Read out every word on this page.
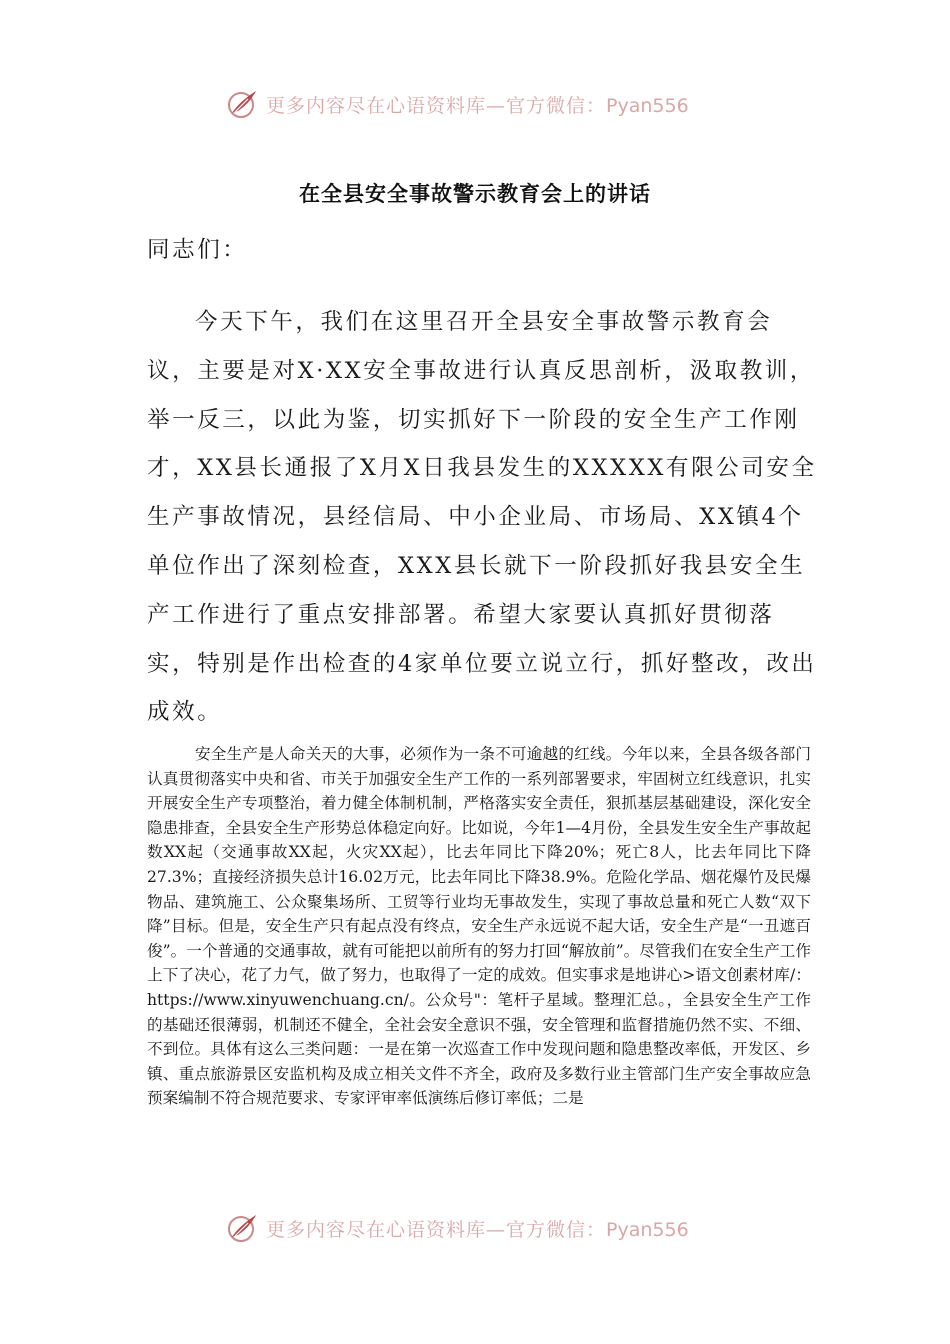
更多内容尽在心语资料库—官方微信：Pyan556
在全县安全事故警示教育会上的讲话
同志们：
今天下午，我们在这里召开全县安全事故警示教育会议，主要是对X·XX安全事故进行认真反思剖析，汲取教训，举一反三，以此为鉴，切实抓好下一阶段的安全生产工作刚才，XX县长通报了X月X日我县发生的XXXXX有限公司安全生产事故情况，县经信局、中小企业局、市场局、XX镇4个单位作出了深刻检查，XXX县长就下一阶段抓好我县安全生产工作进行了重点安排部署。希望大家要认真抓好贯彻落实，特别是作出检查的4家单位要立说立行，抓好整改，改出成效。
安全生产是人命关天的大事，必须作为一条不可逾越的红线。今年以来，全县各级各部门认真贯彻落实中央和省、市关于加强安全生产工作的一系列部署要求，牢固树立红线意识，扎实开展安全生产专项整治，着力健全体制机制，严格落实安全责任，狠抓基层基础建设，深化安全隐患排查，全县安全生产形势总体稳定向好。比如说，今年1—4月份，全县发生安全生产事故起数XX起（交通事故XX起，火灾XX起），比去年同比下降20%；死亡8人，比去年同比下降27.3%；直接经济损失总计16.02万元，比去年同比下降38.9%。危险化学品、烟花爆竹及民爆物品、建筑施工、公众聚集场所、工贸等行业均无事故发生，实现了事故总量和死亡人数“双下降”目标。但是，安全生产只有起点没有终点，安全生产永远说不起大话，安全生产是“一丑遮百俊”。一个普通的交通事故，就有可能把以前所有的努力打回“解放前”。尽管我们在安全生产工作上下了决心，花了力气，做了努力，也取得了一定的成效。但实事求是地讲心>语文创素材库/：https://www.xinyuwenchuang.cn/。公众号"：笔杆子星域。整理汇总。，全县安全生产工作的基础还很薄弱，机制还不健全，全社会安全意识不强，安全管理和监督措施仍然不实、不细、不到位。具体有这么三类问题：一是在第一次巡查工作中发现问题和隐患整改率低，开发区、乡镇、重点旅游景区安监机构及成立相关文件不齐全，政府及多数行业主管部门生产安全事故应急预案编制不符合规范要求、专家评审率低演练后修订率低；二是
更多内容尽在心语资料库—官方微信：Pyan556
